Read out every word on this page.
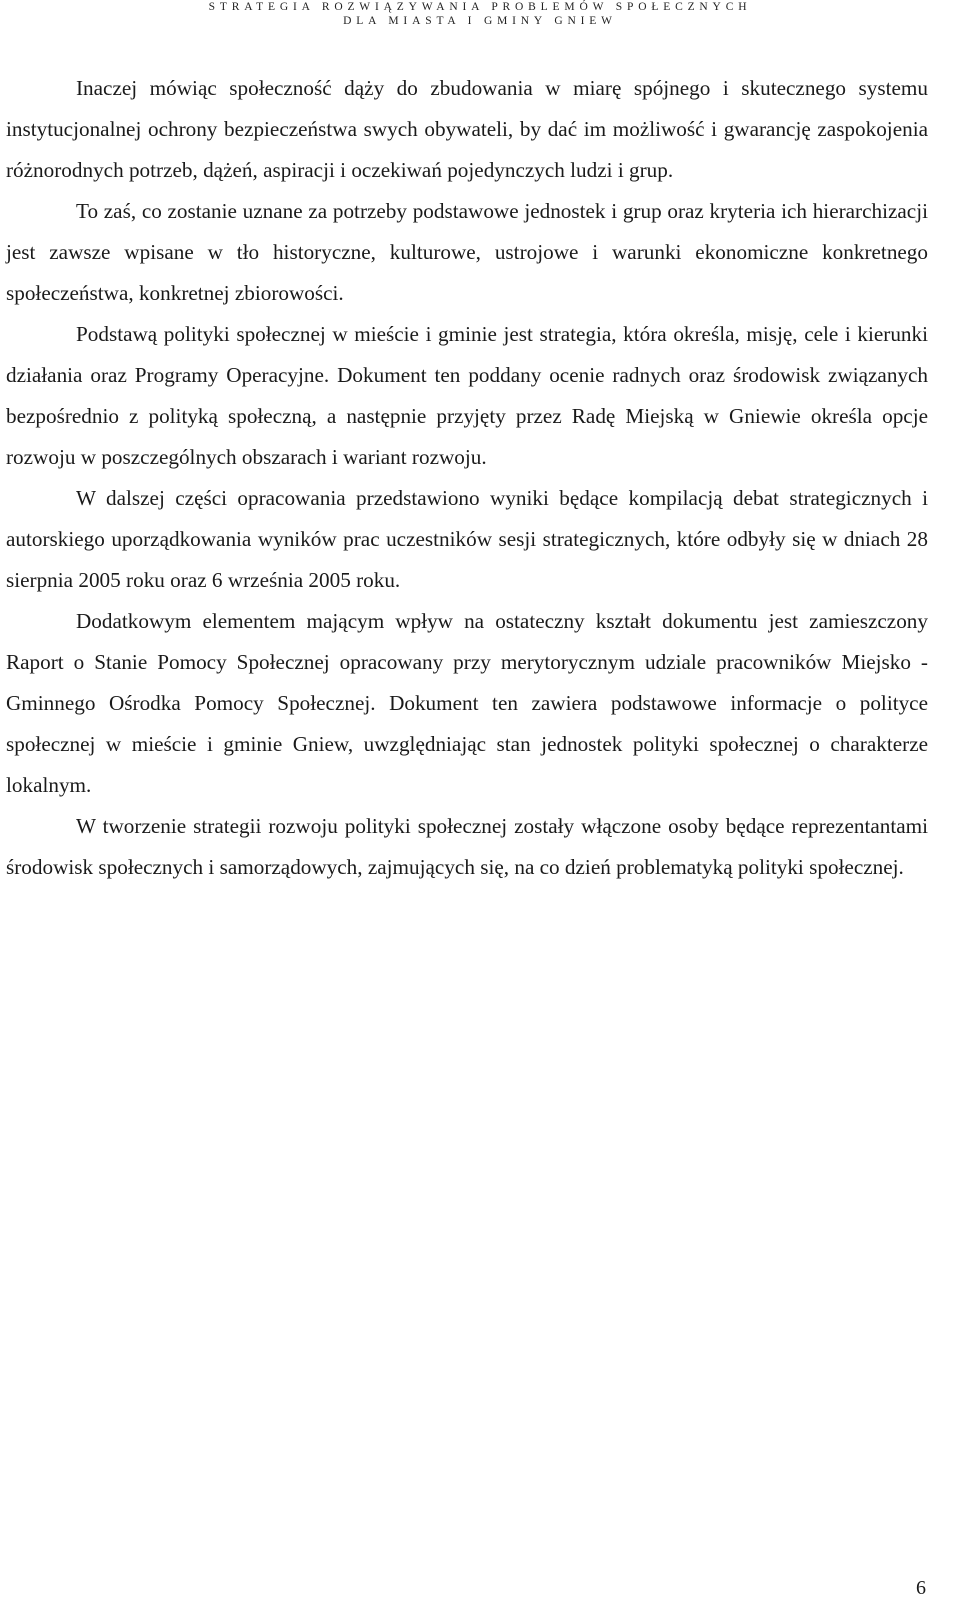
STRATEGIA ROZWIĄZYWANIA PROBLEMÓW SPOŁECZNYCH
DLA MIASTA I GMINY GNIEW

Inaczej mówiąc społeczność dąży do zbudowania w miarę spójnego i skutecznego systemu instytucjonalnej ochrony bezpieczeństwa swych obywateli, by dać im możliwość i gwarancję zaspokojenia różnorodnych potrzeb, dążeń, aspiracji i oczekiwań pojedynczych ludzi i grup.

To zaś, co zostanie uznane za potrzeby podstawowe jednostek i grup oraz kryteria ich hierarchizacji jest zawsze wpisane w tło historyczne, kulturowe, ustrojowe i warunki ekonomiczne konkretnego społeczeństwa, konkretnej zbiorowości.

Podstawą polityki społecznej w mieście i gminie jest strategia, która określa, misję, cele i kierunki działania oraz Programy Operacyjne. Dokument ten poddany ocenie radnych oraz środowisk związanych bezpośrednio z polityką społeczną, a następnie przyjęty przez Radę Miejską w Gniewie określa opcje rozwoju w poszczególnych obszarach i wariant rozwoju.

W dalszej części opracowania przedstawiono wyniki będące kompilacją debat strategicznych i autorskiego uporządkowania wyników prac uczestników sesji strategicznych, które odbyły się w dniach 28 sierpnia 2005 roku oraz 6 września 2005 roku.

Dodatkowym elementem mającym wpływ na ostateczny kształt dokumentu jest zamieszczony Raport o Stanie Pomocy Społecznej opracowany przy merytorycznym udziale pracowników Miejsko - Gminnego Ośrodka Pomocy Społecznej. Dokument ten zawiera podstawowe informacje o polityce społecznej w mieście i gminie Gniew, uwzględniając stan jednostek polityki społecznej o charakterze lokalnym.

W tworzenie strategii rozwoju polityki społecznej zostały włączone osoby będące reprezentantami środowisk społecznych i samorządowych, zajmujących się, na co dzień problematyką polityki społecznej.

6
